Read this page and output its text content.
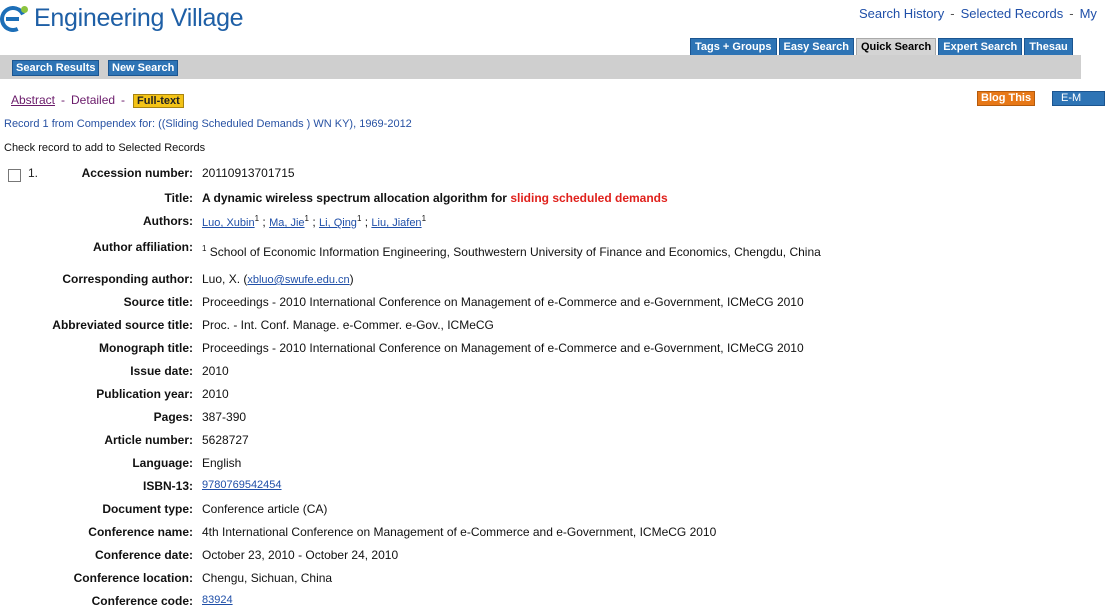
Engineering Village	Search History - Selected Records - My
Tags + Groups	Easy Search	Quick Search	Expert Search	Thesau
Search Results	New Search
Abstract - Detailed - Full-text	Blog This	E-M
Record 1 from Compendex for: ((Sliding Scheduled Demands ) WN KY), 1969-2012
Check record to add to Selected Records
1.	Accession number: 20110913701715
Title: A dynamic wireless spectrum allocation algorithm for sliding scheduled demands
Authors: Luo, Xubin$^1$ ; Ma, Jie$^1$ ; Li, Qing$^1$ ; Liu, Jiafen$^1$
Author affiliation: $^1$ School of Economic Information Engineering, Southwestern University of Finance and Economics, Chengdu, China
Corresponding author: Luo, X. (xbluo@swufe.edu.cn)
Source title: Proceedings - 2010 International Conference on Management of e-Commerce and e-Government, ICMeCG 2010
Abbreviated source title: Proc. - Int. Conf. Manage. e-Commer. e-Gov., ICMeCG
Monograph title: Proceedings - 2010 International Conference on Management of e-Commerce and e-Government, ICMeCG 2010
Issue date: 2010
Publication year: 2010
Pages: 387-390
Article number: 5628727
Language: English
ISBN-13: 9780769542454
Document type: Conference article (CA)
Conference name: 4th International Conference on Management of e-Commerce and e-Government, ICMeCG 2010
Conference date: October 23, 2010 - October 24, 2010
Conference location: Chengu, Sichuan, China
Conference code: 83924
